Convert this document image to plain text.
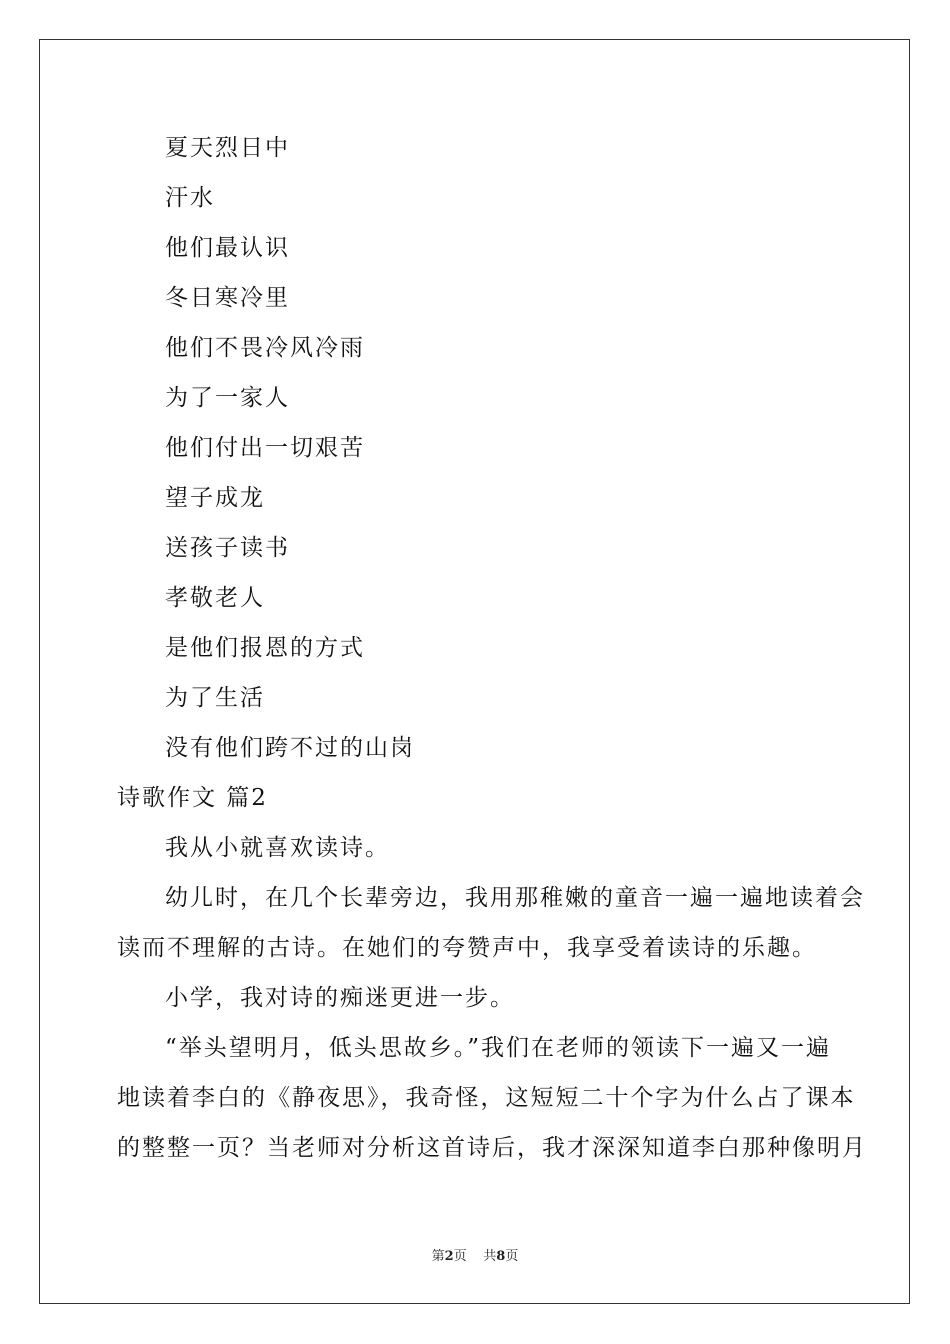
夏天烈日中
汗水
他们最认识
冬日寒冷里
他们不畏冷风冷雨
为了一家人
他们付出一切艰苦
望子成龙
送孩子读书
孝敬老人
是他们报恩的方式
为了生活
没有他们跨不过的山岗
诗歌作文 篇2
我从小就喜欢读诗。
幼儿时，在几个长辈旁边，我用那稚嫩的童音一遍一遍地读着会
读而不理解的古诗。在她们的夸赞声中，我享受着读诗的乐趣。
小学，我对诗的痴迷更进一步。
“举头望明月，低头思故乡。”我们在老师的领读下一遍又一遍
地读着李白的《静夜思》，我奇怪，这短短二十个字为什么占了课本
的整整一页？当老师对分析这首诗后，我才深深知道李白那种像明月
第2页 共8页
